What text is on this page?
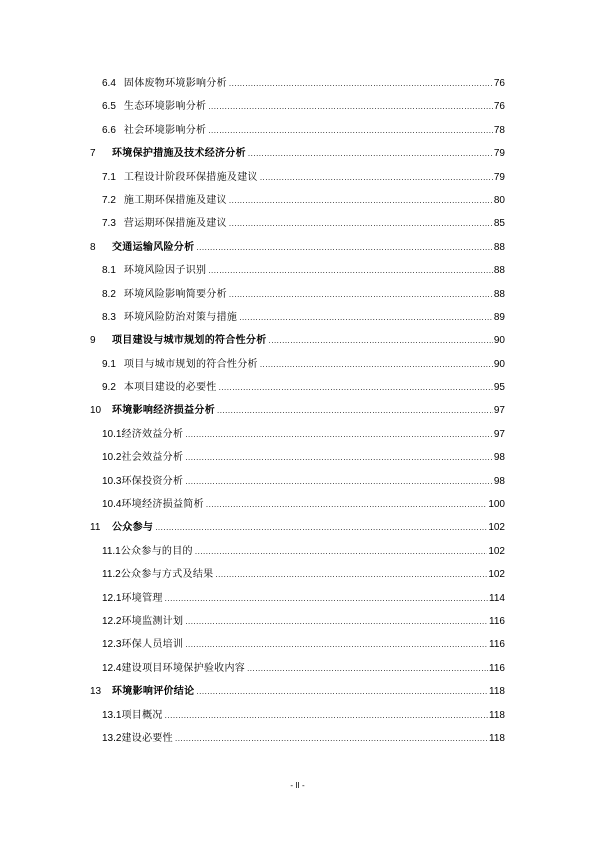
6.4 固体废物环境影响分析 .....	76
6.5 生态环境影响分析 .....	76
6.6 社会环境影响分析 .....	78
7	环境保护措施及技术经济分析 .....	79
7.1 工程设计阶段环保措施及建议 .....	79
7.2 施工期环保措施及建议 .....	80
7.3 营运期环保措施及建议 .....	85
8	交通运输风险分析 .....	88
8.1 环境风险因子识别 .....	88
8.2 环境风险影响简要分析 .....	88
8.3 环境风险防治对策与措施 .....	89
9	项目建设与城市规划的符合性分析 .....	90
9.1 项目与城市规划的符合性分析 .....	90
9.2 本项目建设的必要性 .....	95
10	环境影响经济损益分析 .....	97
10.1 经济效益分析 .....	97
10.2 社会效益分析 .....	98
10.3 环保投资分析 .....	98
10.4 环境经济损益简析 .....	100
11	公众参与 .....	102
11.1 公众参与的目的 .....	102
11.2 公众参与方式及结果 .....	102
12.1 环境管理 .....	114
12.2 环境监测计划 .....	116
12.3 环保人员培训 .....	116
12.4 建设项目环境保护验收内容 .....	116
13	环境影响评价结论 .....	118
13.1 项目概况 .....	118
13.2 建设必要性 .....	118
- II -
